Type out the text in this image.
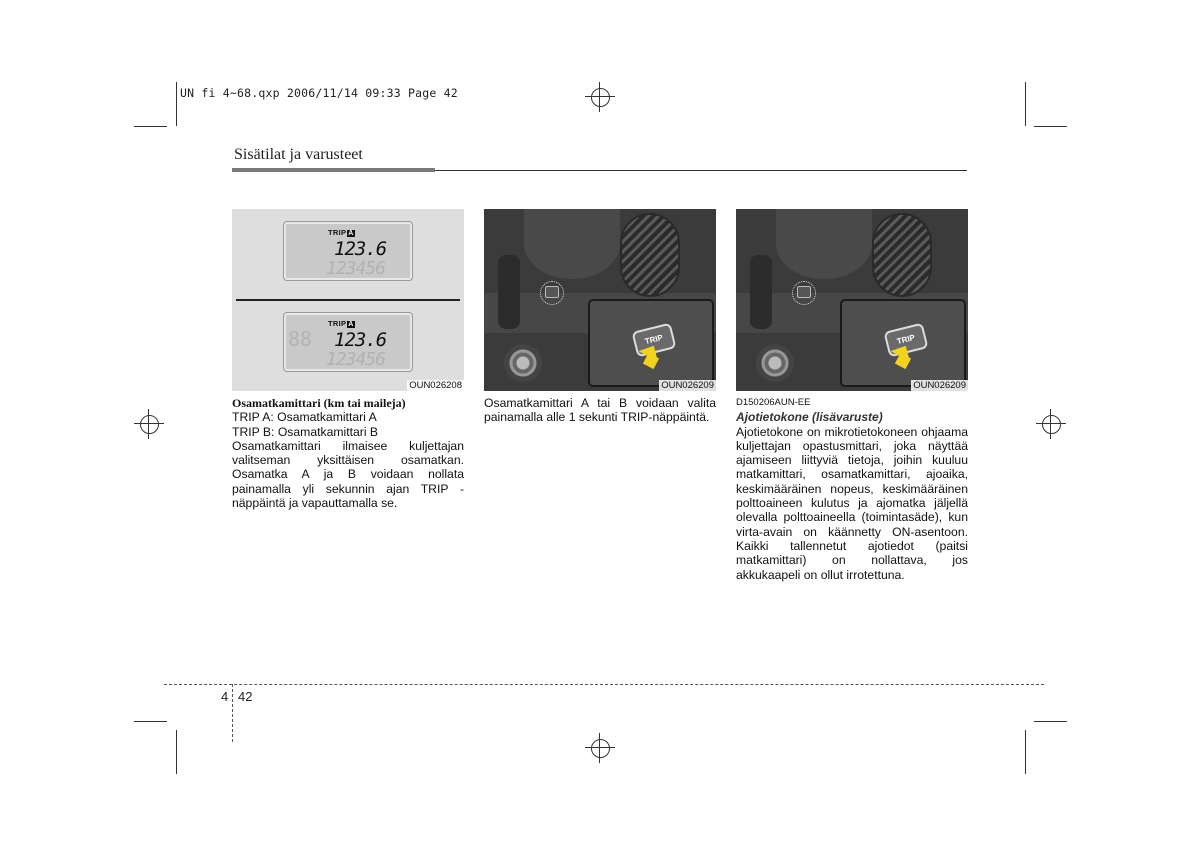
UN fi 4~68.qxp 2006/11/14 09:33 Page 42
Sisätilat ja varusteet
TRIP A
123.6
123456
88
TRIP A
123.6
123456
OUN026208
TRIP
OUN026209
TRIP
OUN026209

Osamatkamittari (km tai mailеja)

TRIP A: Osamatkamittari A

TRIP B: Osamatkamittari B

Osamatkamittari ilmaisee kuljettajan valitseman yksittäisen osamatkan. Osamatka A ja B voidaan nollata painamalla yli sekunnin ajan TRIP -näppäintä ja vapauttamalla se.

Osamatkamittari A tai B voidaan valita painamalla alle 1 sekunti TRIP-näppäintä.

D150206AUN-EE

Ajotietokone (lisävaruste)

Ajotietokone on mikrotietokoneen ohjaama kuljettajan opastusmittari, joka näyttää ajamiseen liittyviä tietoja, joihin kuuluu matkamittari, osamatkamittari, ajoaika, keskimääräinen nopeus, keskimääräinen polttoaineen kulutus ja ajomatka jäljellä olevalla polttoaineella (toimintasäde), kun virta-avain on käännetty ON-asentoon. Kaikki tallennetut ajotiedot (paitsi matkamittari) on nollattava, jos akkukaapeli on ollut irrotettuna.

4 42
